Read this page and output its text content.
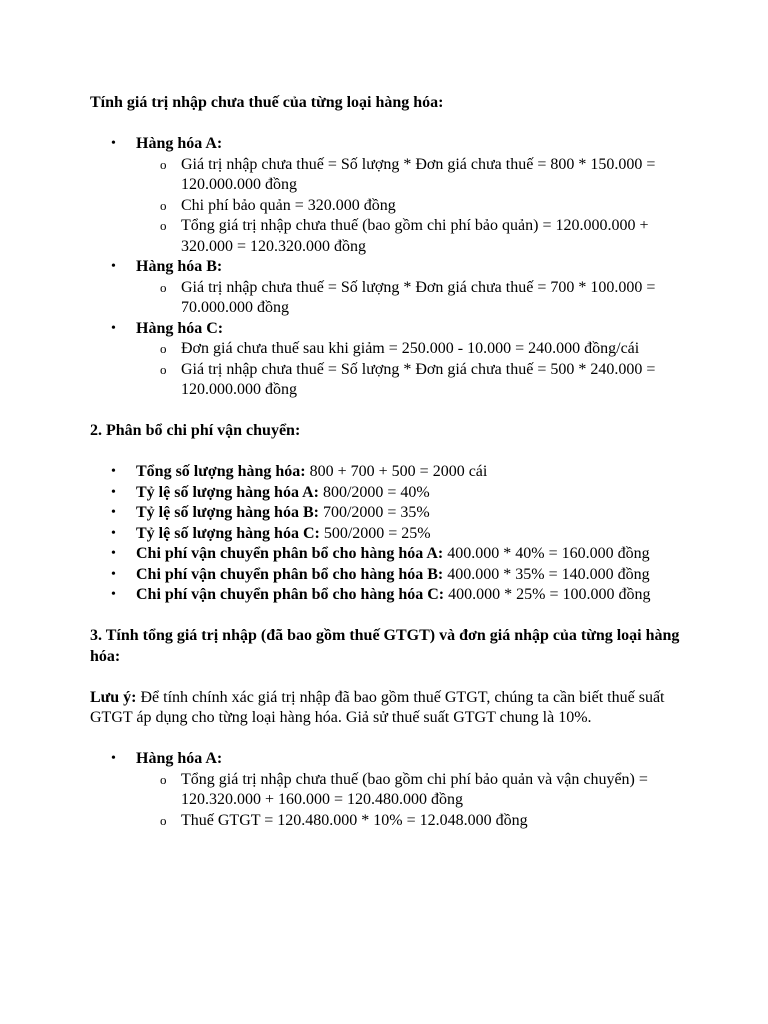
Tính giá trị nhập chưa thuế của từng loại hàng hóa:

• Hàng hóa A:
o Giá trị nhập chưa thuế = Số lượng * Đơn giá chưa thuế = 800 * 150.000 = 120.000.000 đồng
o Chi phí bảo quản = 320.000 đồng
o Tổng giá trị nhập chưa thuế (bao gồm chi phí bảo quản) = 120.000.000 + 320.000 = 120.320.000 đồng
• Hàng hóa B:
o Giá trị nhập chưa thuế = Số lượng * Đơn giá chưa thuế = 700 * 100.000 = 70.000.000 đồng
• Hàng hóa C:
o Đơn giá chưa thuế sau khi giảm = 250.000 - 10.000 = 240.000 đồng/cái
o Giá trị nhập chưa thuế = Số lượng * Đơn giá chưa thuế = 500 * 240.000 = 120.000.000 đồng

2. Phân bổ chi phí vận chuyển:

• Tổng số lượng hàng hóa: 800 + 700 + 500 = 2000 cái
• Tỷ lệ số lượng hàng hóa A: 800/2000 = 40%
• Tỷ lệ số lượng hàng hóa B: 700/2000 = 35%
• Tỷ lệ số lượng hàng hóa C: 500/2000 = 25%
• Chi phí vận chuyển phân bổ cho hàng hóa A: 400.000 * 40% = 160.000 đồng
• Chi phí vận chuyển phân bổ cho hàng hóa B: 400.000 * 35% = 140.000 đồng
• Chi phí vận chuyển phân bổ cho hàng hóa C: 400.000 * 25% = 100.000 đồng

3. Tính tổng giá trị nhập (đã bao gồm thuế GTGT) và đơn giá nhập của từng loại hàng hóa:

Lưu ý: Để tính chính xác giá trị nhập đã bao gồm thuế GTGT, chúng ta cần biết thuế suất GTGT áp dụng cho từng loại hàng hóa. Giả sử thuế suất GTGT chung là 10%.

• Hàng hóa A:
o Tổng giá trị nhập chưa thuế (bao gồm chi phí bảo quản và vận chuyển) = 120.320.000 + 160.000 = 120.480.000 đồng
o Thuế GTGT = 120.480.000 * 10% = 12.048.000 đồng
